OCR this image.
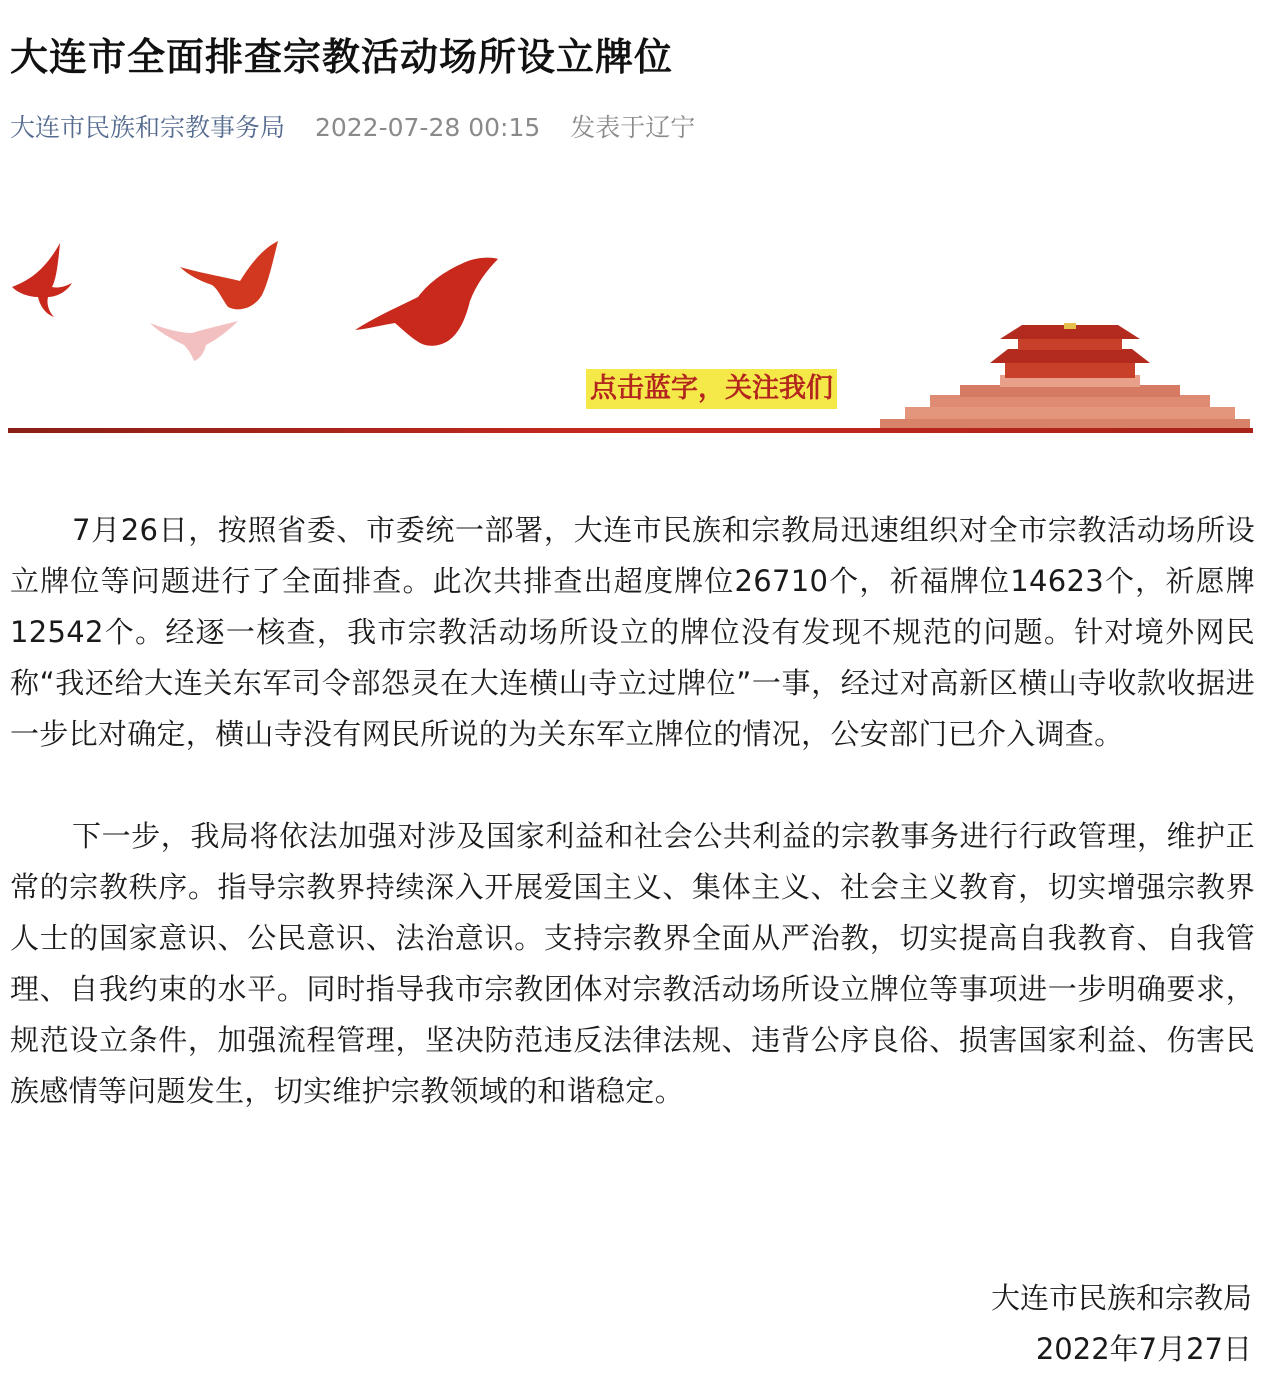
大连市全面排查宗教活动场所设立牌位
大连市民族和宗教事务局 2022-07-28 00:15 发表于辽宁
点击蓝字，关注我们

7月26日，按照省委、市委统一部署，大连市民族和宗教局迅速组织对全市宗教活动场所设立牌位等问题进行了全面排查。此次共排查出超度牌位26710个，祈福牌位14623个，祈愿牌12542个。经逐一核查，我市宗教活动场所设立的牌位没有发现不规范的问题。针对境外网民称“我还给大连关东军司令部怨灵在大连横山寺立过牌位”一事，经过对高新区横山寺收款收据进一步比对确定，横山寺没有网民所说的为关东军立牌位的情况，公安部门已介入调查。

下一步，我局将依法加强对涉及国家利益和社会公共利益的宗教事务进行行政管理，维护正常的宗教秩序。指导宗教界持续深入开展爱国主义、集体主义、社会主义教育，切实增强宗教界人士的国家意识、公民意识、法治意识。支持宗教界全面从严治教，切实提高自我教育、自我管理、自我约束的水平。同时指导我市宗教团体对宗教活动场所设立牌位等事项进一步明确要求，规范设立条件，加强流程管理，坚决防范违反法律法规、违背公序良俗、损害国家利益、伤害民族感情等问题发生，切实维护宗教领域的和谐稳定。

大连市民族和宗教局
2022年7月27日
